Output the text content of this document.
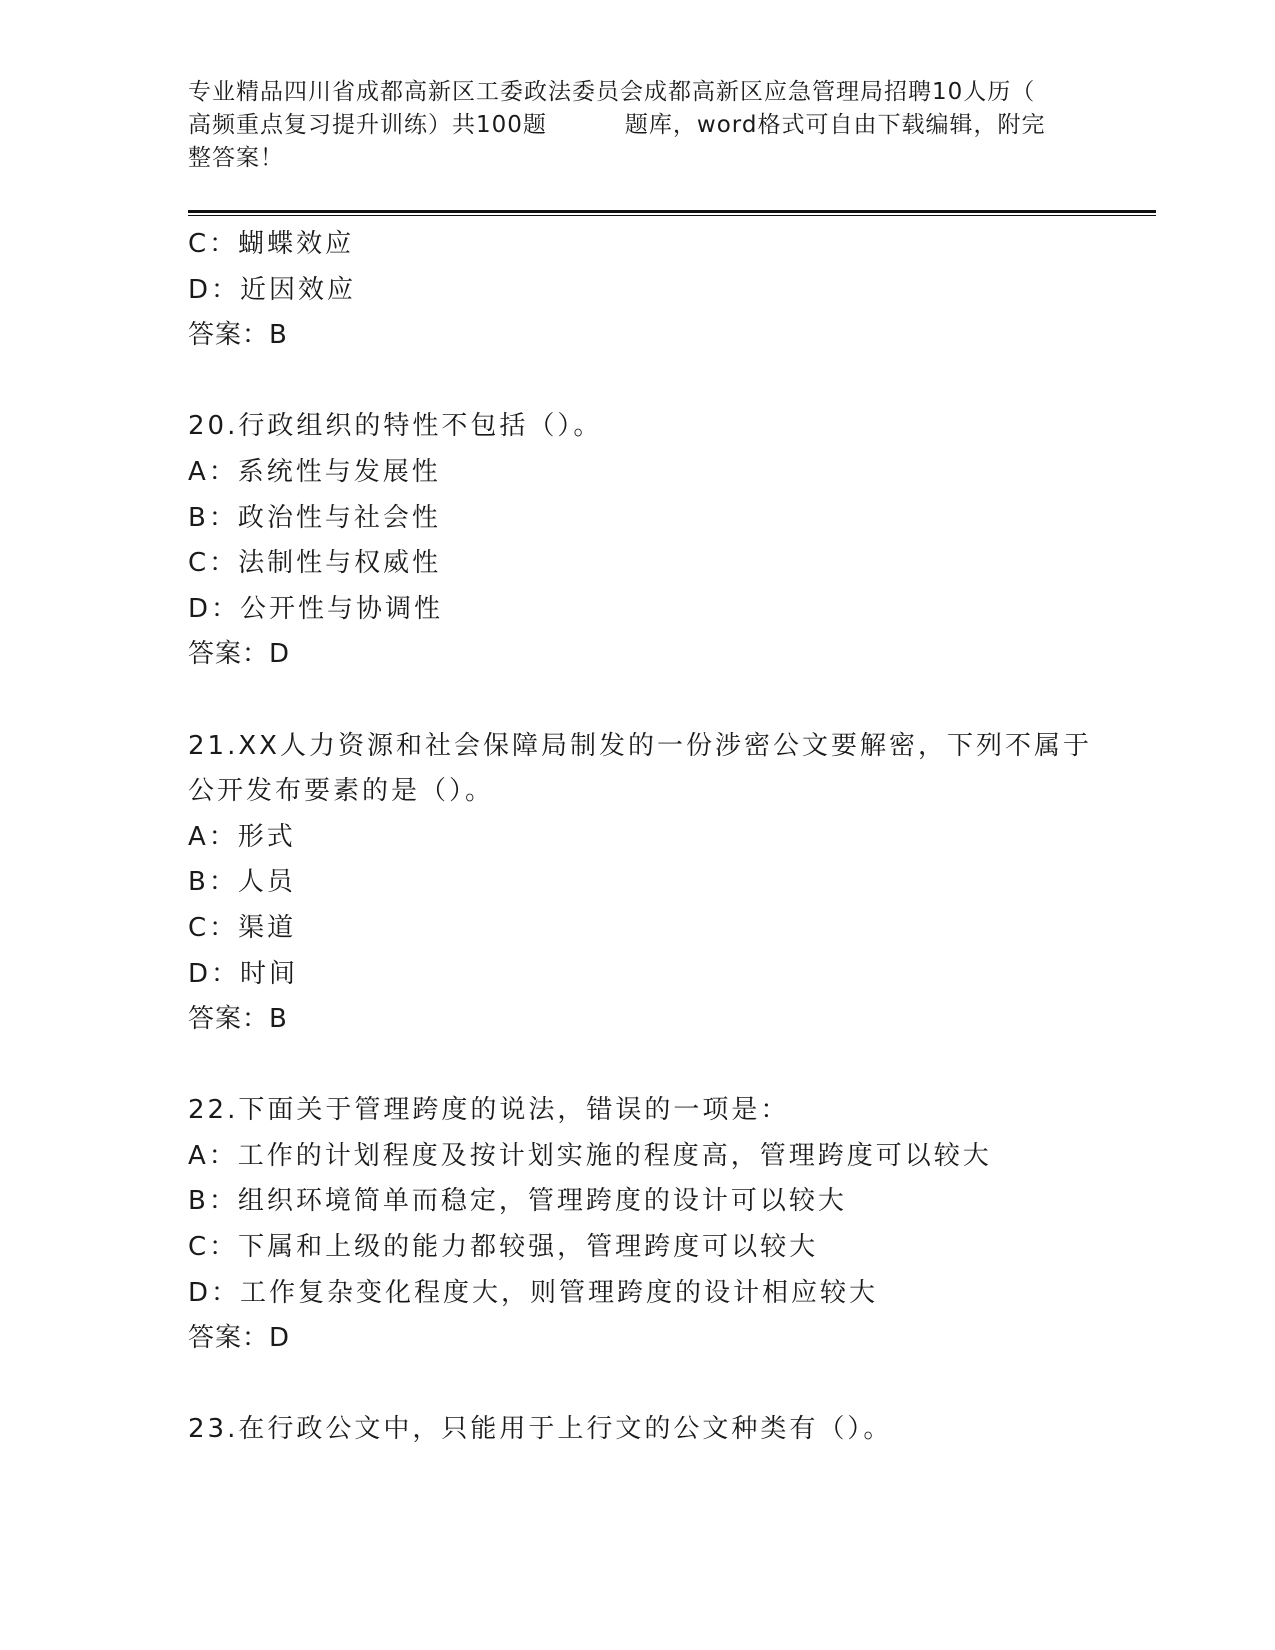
专业精品四川省成都高新区工委政法委员会成都高新区应急管理局招聘10人历（
高频重点复习提升训练）共100题	题库，word格式可自由下载编辑，附完
整答案！
C：蝴蝶效应
D：近因效应
答案：B
20.行政组织的特性不包括（）。
A：系统性与发展性
B：政治性与社会性
C：法制性与权威性
D：公开性与协调性
答案：D
21.XX人力资源和社会保障局制发的一份涉密公文要解密，下列不属于
公开发布要素的是（）。
A：形式
B：人员
C：渠道
D：时间
答案：B
22.下面关于管理跨度的说法，错误的一项是：
A：工作的计划程度及按计划实施的程度高，管理跨度可以较大
B：组织环境简单而稳定，管理跨度的设计可以较大
C：下属和上级的能力都较强，管理跨度可以较大
D：工作复杂变化程度大，则管理跨度的设计相应较大
答案：D
23.在行政公文中，只能用于上行文的公文种类有（）。
